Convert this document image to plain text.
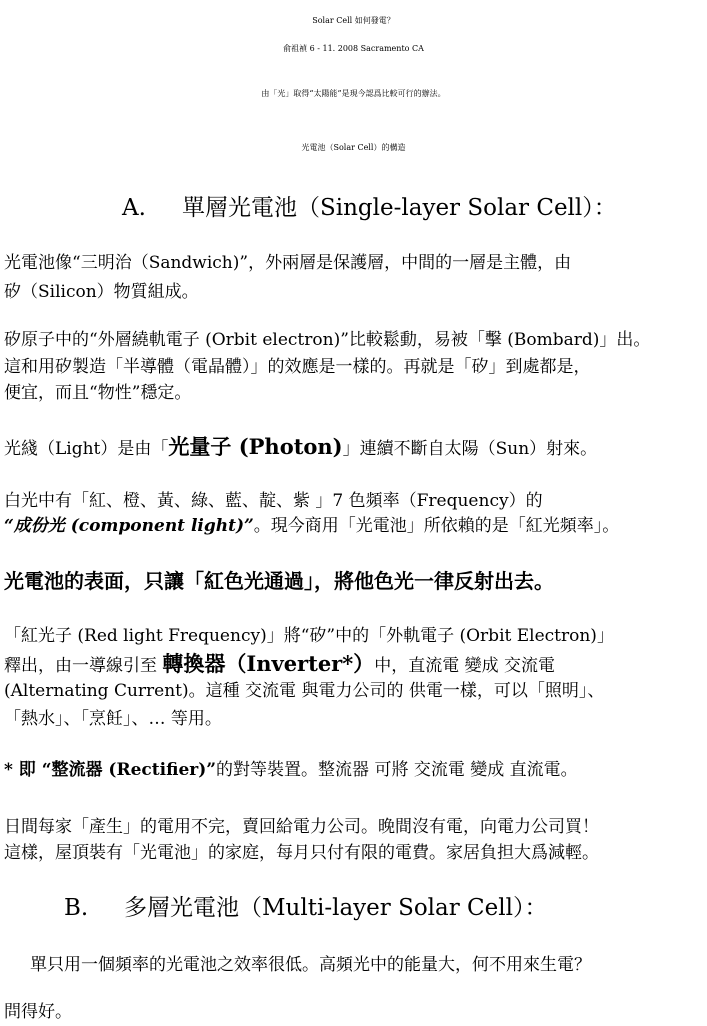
Solar Cell 如何發電？
俞祖禎 6 - 11. 2008 Sacramento CA
由「光」取得“太陽能”是現今認爲比較可行的辦法。
光電池（Solar Cell）的構造
A. 單層光電池（Single-layer Solar Cell）：
光電池像“三明治（Sandwich)”，外兩層是保護層，中間的一層是主體，由
矽（Silicon）物質組成。
矽原子中的“外層繞軌電子 (Orbit electron)”比較鬆動，易被「擊 (Bombard)」出。
這和用矽製造「半導體（電晶體）」的效應是一樣的。再就是「矽」到處都是，
便宜，而且“物性”穩定。
光綫（Light）是由「光量子 (Photon)」連續不斷自太陽（Sun）射來。
白光中有「紅、橙、黃、綠、藍、靛、紫 」7 色頻率（Frequency）的
“成份光 (component light)”。現今商用「光電池」所依賴的是「紅光頻率」。
光電池的表面，只讓「紅色光通過」，將他色光一律反射出去。
「紅光子 (Red light Frequency)」將“矽”中的「外軌電子 (Orbit Electron)」
釋出，由一導線引至 轉換器（Inverter*）中，直流電 變成 交流電
(Alternating Current)。這種 交流電 與電力公司的 供電一樣，可以「照明」、
「熱水」、「烹飪」、… 等用。
* 即 “整流器 (Rectifier)”的對等裝置。整流器 可將 交流電 變成 直流電。
日間每家「產生」的電用不完，賣回給電力公司。晚間沒有電，向電力公司買！
這樣，屋頂裝有「光電池」的家庭，每月只付有限的電費。家居負担大爲減輕。
B. 多層光電池（Multi-layer Solar Cell）：
單只用一個頻率的光電池之效率很低。高頻光中的能量大，何不用來生電？
問得好。
